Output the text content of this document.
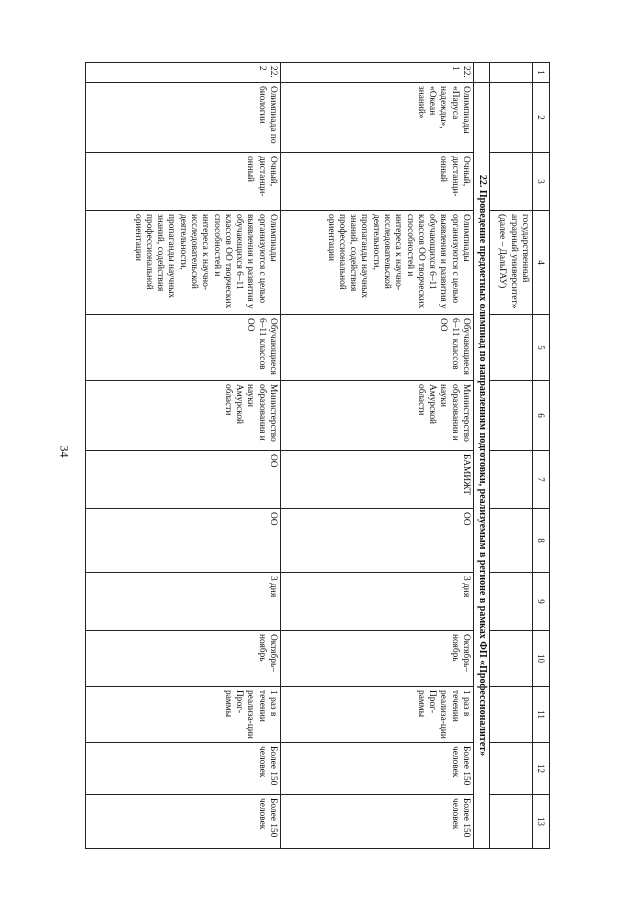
34
1	2	3	4	5	6	7	8	9	10	11	12	13
			государственный аграрный университет» (далее – ДальГАУ)									
	22. Проведение предметных олимпиад по направлениям подготовки, реализуемым в регионе в рамках ФП «Профессионалитет»											
22.1	Олимпиады «Паруса надежды», «Океан знаний»	Очный, дистанци-онный	Олимпиады организуются с целью выявления и развития у обучающихся 6–11 классов ОО творческих способностей и интереса к научно-исследовательской деятельности, пропаганды научных знаний, содействия профессиональной ориентации	Обучающиеся 6–11 классов ОО	Министерство образования и науки Амурской области	БАМИЖТ	ОО	3 дня	Октябрь–ноябрь	1 раз в течении реализа-ции Прог-раммы	Более 150 человек	Более 150 человек
22.2	Олимпиада по биологии	Очный, дистанци-онный	Олимпиады организуются с целью выявления и развития у обучающихся 6–11 классов ОО творческих способностей и интереса к научно-исследовательской деятельности, пропаганды научных знаний, содействия профессиональной ориентации	Обучающиеся 6–11 классов ОО	Министерство образования и науки Амурской области	ОО	ОО	3 дня	Октябрь–ноябрь	1 раз в течении реализа-ции Прог-раммы	Более 150 человек	Более 150 человек
